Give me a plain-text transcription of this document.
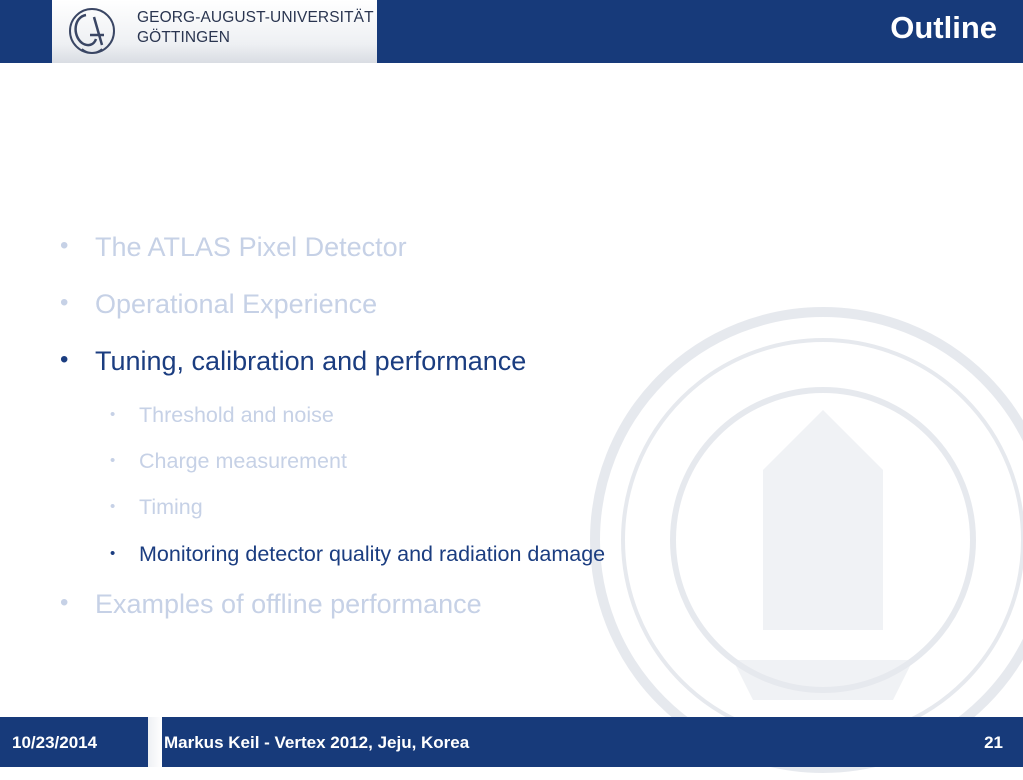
GEORG-AUGUST-UNIVERSITÄT
GÖTTINGEN	Outline
• The ATLAS Pixel Detector
• Operational Experience
• Tuning, calibration and performance
• Threshold and noise
• Charge measurement
• Timing
• Monitoring detector quality and radiation damage
• Examples of offline performance
10/23/2014	Markus Keil - Vertex 2012, Jeju, Korea	21
